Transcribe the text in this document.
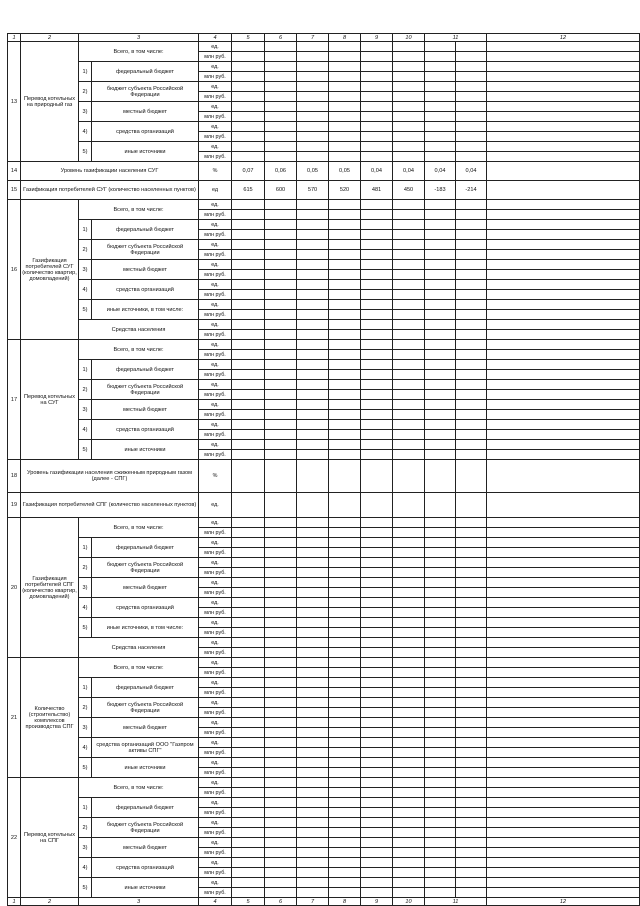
1	2	3		4	5	6	7	8	9	10	11		12
13	Перевод котельных на природный газ	Всего, в том числе:		ед.									
				млн руб.									
		1)	федеральный бюджет	ед.									
				млн руб.									
		2)	бюджет субъекта Российской Федерации	ед.									
				млн руб.									
		3)	местный бюджет	ед.									
				млн руб.									
		4)	средства организаций	ед.									
				млн руб.									
		5)	иные источники	ед.									
				млн руб.									
14	Уровень газификации населения СУГ			%	0,07	0,06	0,05	0,05	0,04	0,04	0,04	0,04	
15	Газификация потребителей СУГ (количество населенных пунктов)			ед	615	600	570	520	481	450	-183	-214	
16	Газификация потребителей СУГ (количество квартир, домовладений)	Всего, в том числе:		ед.									
				млн руб.									
		1)	федеральный бюджет	ед.									
				млн руб.									
		2)	бюджет субъекта Российской Федерации	ед.									
				млн руб.									
		3)	местный бюджет	ед.									
				млн руб.									
		4)	средства организаций	ед.									
				млн руб.									
		5)	иные источники, в том числе:	ед.									
				млн руб.									
		Средства населения		ед.									
				млн руб.									
17	Перевод котельных на СУГ	Всего, в том числе:		ед.									
				млн руб.									
		1)	федеральный бюджет	ед.									
				млн руб.									
		2)	бюджет субъекта Российской Федерации	ед.									
				млн руб.									
		3)	местный бюджет	ед.									
				млн руб.									
		4)	средства организаций	ед.									
				млн руб.									
		5)	иные источники	ед.									
				млн руб.									
18	Уровень газификации населения сжиженным природным газом (далее - СПГ)			%									
19	Газификация потребителей СПГ (количество населенных пунктов)			ед.									
20	Газификация потребителей СПГ (количество квартир, домовладений)	Всего, в том числе:		ед.									
				млн руб.									
		1)	федеральный бюджет	ед.									
				млн руб.									
		2)	бюджет субъекта Российской Федерации	ед.									
				млн руб.									
		3)	местный бюджет	ед.									
				млн руб.									
		4)	средства организаций	ед.									
				млн руб.									
		5)	иные источники, в том числе:	ед.									
				млн руб.									
		Средства населения		ед.									
				млн руб.									
21	Количество (строительство) комплексов производства СПГ	Всего, в том числе:		ед.									
				млн руб.									
		1)	федеральный бюджет	ед.									
				млн руб.									
		2)	бюджет субъекта Российской Федерации	ед.									
				млн руб.									
		3)	местный бюджет	ед.									
				млн руб.									
		4)	средства организаций ООО "Газпром активы СПГ"	ед.									
				млн руб.									
		5)	иные источники	ед.									
				млн руб.									
22	Перевод котельных на СПГ	Всего, в том числе:		ед.									
				млн руб.									
		1)	федеральный бюджет	ед.									
				млн руб.									
		2)	бюджет субъекта Российской Федерации	ед.									
				млн руб.									
		3)	местный бюджет	ед.									
				млн руб.									
		4)	средства организаций	ед.									
				млн руб.									
		5)	иные источники	ед.									
				млн руб.									
1	2	3		4	5	6	7	8	9	10	11		12
